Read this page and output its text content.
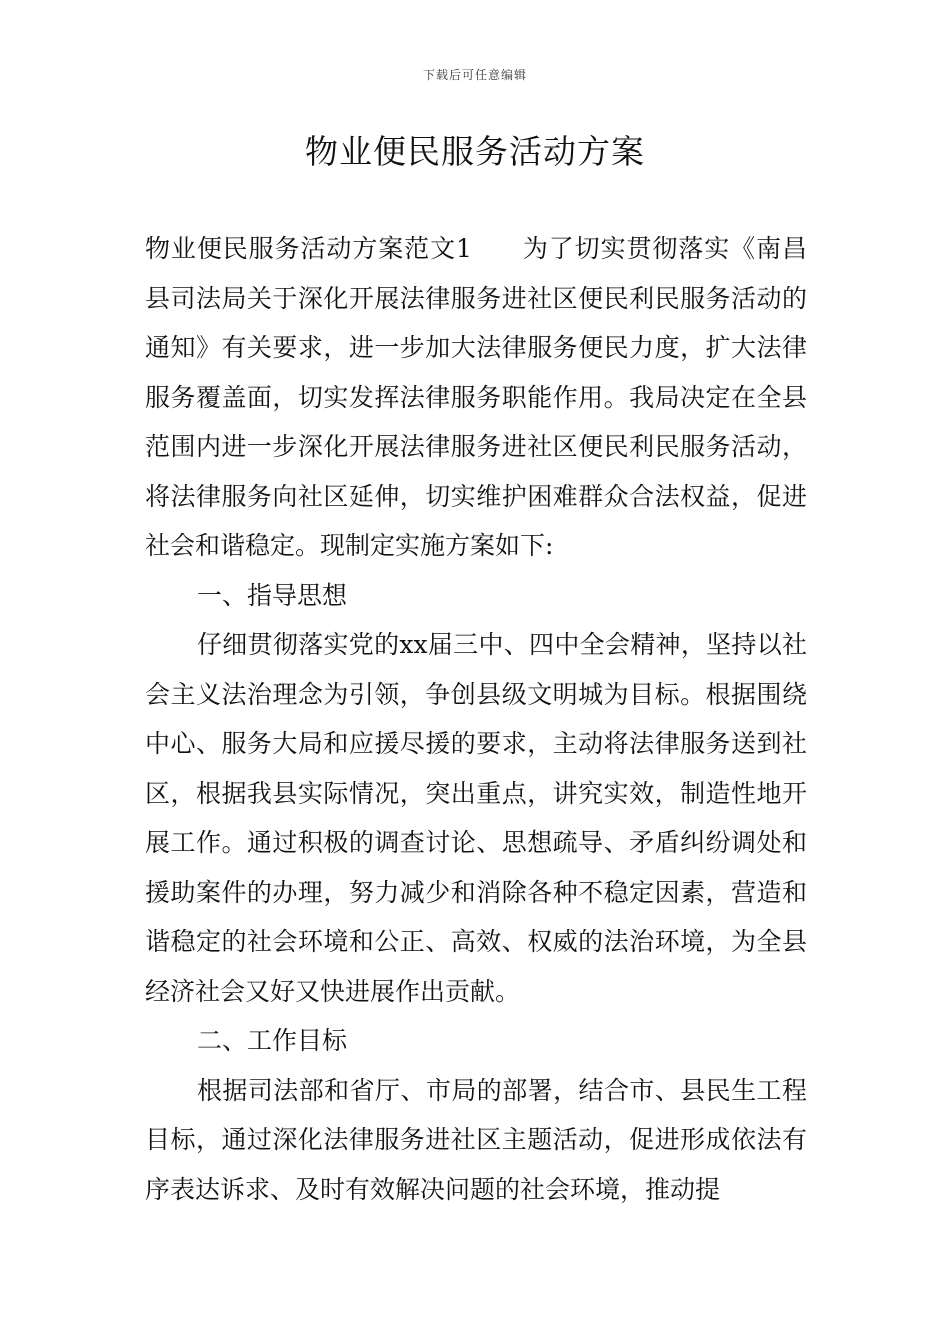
下载后可任意编辑
物业便民服务活动方案

物业便民服务活动方案范文1 为了切实贯彻落实《南昌县司法局关于深化开展法律服务进社区便民利民服务活动的通知》有关要求，进一步加大法律服务便民力度，扩大法律服务覆盖面，切实发挥法律服务职能作用。我局决定在全县范围内进一步深化开展法律服务进社区便民利民服务活动，将法律服务向社区延伸，切实维护困难群众合法权益，促进社会和谐稳定。现制定实施方案如下:

一、指导思想

仔细贯彻落实党的xx届三中、四中全会精神，坚持以社会主义法治理念为引领，争创县级文明城为目标。根据围绕中心、服务大局和应援尽援的要求，主动将法律服务送到社区，根据我县实际情况，突出重点，讲究实效，制造性地开展工作。通过积极的调查讨论、思想疏导、矛盾纠纷调处和援助案件的办理，努力减少和消除各种不稳定因素，营造和谐稳定的社会环境和公正、高效、权威的法治环境，为全县经济社会又好又快进展作出贡献。

二、工作目标

根据司法部和省厅、市局的部署，结合市、县民生工程目标，通过深化法律服务进社区主题活动，促进形成依法有序表达诉求、及时有效解决问题的社会环境，推动提
